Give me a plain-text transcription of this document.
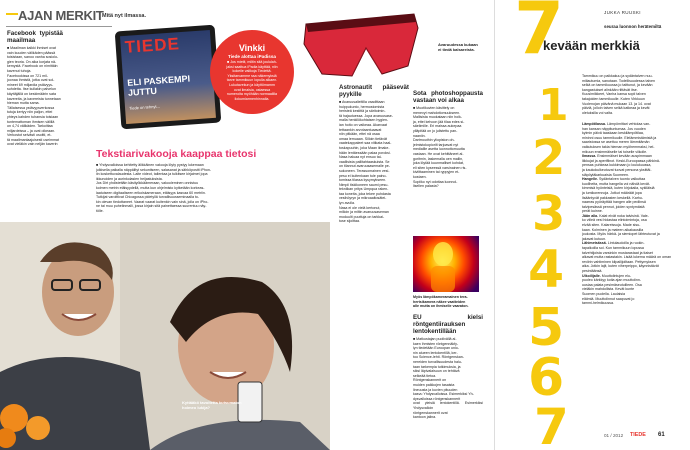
AJAN MERKIT
Mitä nyt ilmassa.
Facebook typistää maailmaa
■ Maailman kaikki ihmiset ovat
vain kuuden välikäden päässä
toisistaan, sanoo vanha sosiolo-
gien teoria. On aika korjata nä-
kemystä. Facebook on nimittäin
kavenut tuhoja.
Facebookissa on 721 mil-
joonaa ihmistä, jotka ovat sol-
mineet 69 miljardia ystävyys-
suhdetta. Itse kullakin palvelun
käyttäjällä on keskimäärin sata
kavereita, ja kavereista tunnetaan
hieman mutta sama.
Tällaisessa ystävyysverkossa
tutuja kertyy niin paljon, ettei
yhteys kahden tuhansia toisiaan
tuntemattoman ihmisen välillä
on 4,74 välikäden. Tarkoittaa
miljardeissa – ja ovat oikeaan.
Verkostot selvästi osoitti, et-
tä maailmanlaajuisesti useimmat
ovat vieläkin vain neljän kaverin
TIEDE
ELI PASKEMPI
JUTTU
Tiede on tehnyt...
Vinkki
Tiede alottaa iPadissa
■ Jos mietit, miltin sitä joululah-
jaksi saattua iPadia käyttää, niin
kokeile valikoja Tiedettä.
Yksitarvamme ssa näkemyksiä
tarve tammikuun lopulla alkaen.
Lukutavekun ja käyttömamm
ovat ilmaisia, ostaessa
numeroita myöhään normaalilla
ilokumiarmenhinnalla.
Avaruudessa kukaan
ei tiedä kalsareista.
Tekstiarivakooja kaappaa tietosi
■ Yhdysvalloissa kehitetty älikkäinen vakooja löyty pystyy lukemaan
julkisella paikalla näppäiltyt sekuntiseen, salasanat ja sähköpostit iPhon-
iin koskettuvalaudesta. Laite videot, tallentaa ja tulkitsee kirjaimet jopa
ikkunoiden ja aurinkolasien heijastuksista.
Jos Dirt yhdistettäin käsityökkäämeraan, vakooleminen onnistuu
kolmen metrin etäisyydellä, mutta kun ohjelmisto kytketään korkeas-
laatuiseen digitaaliseen erikoiskameraan, etäisyys kasvaa 60 metriin.
Tutkijat varoittivat Chicagossa pidetyllä turvallisuusseminaalla to-
kin olevan tiedottaneet. Vaarat vaarat kuitenkin vain sinä, jolla on iPho-
ne tai muu puhelinmalli, jossa kirjain sitä painettaessa suurentuu näy-
tölle.
Kyttääkö tavoitetta kutsumaton
hoimeo lukija?
Astronautit pääsevät pyykille
■ Avaruusalieitilla vaadittaan
huippukunto, hermostomista
heristeä kestittä ja säritoimin-
tä hajautuessa. Jopa avaruusase-
malla henkilökohtaisen hygien-
ian hoito on vaikeaa. Akarvaat
tettaankin arvotaantuaavat
niin pitkään, ettei nä osaa
omaa lemuaan. Silloin tietävät
vaatekappaleet saa vitikata haal-
toskapuuhin, joka Maan ilmake-
hään lentäessään palaa poroksi.
Nasa haluaa nyt ensuo tai-
vaallisista pallitahtaaskuista. Se
on tilannut avaruusasemalle pe-
sukoneen. Terassomainen vesi-
pesu ei kuitenkaan tule paino-
tomissa tilassa kysymykseen.
Nimpii tiskikoneen saumi pesu-
tekniikan yritys Umpqua raken-
taa koneita, joka tekee puhdasta
vesihöyryn ja mikroaaltosätei-
lyn avulla.
Nasa ei ole vielä kertonut,
milloin ja miltin avaruusaseman
moduulit puuttuja on tarkkai-
tuse sijoittaa.
Sota photoshoppausta vastaan voi alkaa
■ Muotikuvien käsittely on
menevyt mahdottomuukseen.
Mallisista muokataan niin hoik-
ja, ettei kehoon jää tilaa edes si-
säelimille. Eri maissa aukepaa
ylläpitää on jo julistettu pan-
naaniin.
Dartmouthin yliopiston oh-
jelmistokopiorilt tarjoavat nyt
mediallle asetta luonnottomuutta
vastaan. He ovat kehittäneet al-
goritmin, laskemalla oen mallin,
joka löytää kuunmalliset kohdat,
eli siten kyseessä varsinainen ris-
kiviittaaminen tai ryppyjen et-
kostaen.
Sopiiko nyt odottaa luonnol-
lisellen palasta?
Myös lämpökameramainen tera-
hertsikamera näkee vaatteiden
alle mutta on ihmiselle vaaraton.
EU kielsi röntgentiirauksen lentokentillään
■ Matkustajan puolivällä al-
kaen ihmisten röntgennäkfy-
lyn tiedetään Euroopan unio-
nin alueen lentokentillä, ker-
too Science-lehti. Röntgenskan-
nereiden turvallisuudesta halu-
taan tarkempia tutkimuksia, ja
siksi läpivalaisuun on tehtävä
selkeää tietoa.
Röntgenskannerit on
muiden paikkojen tasaista
lineuusta ja kuvien pituuden
kasvu Yhdysvalloissa. Esimerkiksi Yh-
dysvalloissa röntgenskannerit
ovat yleisiä lentokentillä. Esimerkiksi Yhdysvalloin
röntgenskannerit ovat
kantoon jalina.
7
1
2
3
4
5
6
7
JUKKA RUUSKI
seuraa luonnon herätemiltä
kevään merkkiä
Tammikuu on paikkakuu ja sydäntalven nuu-
miilautumia, sanotaan. Todellisuudessa talven
selkä on tammikuussa jo taittunut, ja kevään
kangastukset alinkään riittävät itse.
Kuusimiikkeet, Vanha kansa sopii talven
takajoiden tammikuulle. Kuten Virkkuun
Vuolenojan päivänä mukaan 13. ja 14. ovat
päiviä, jolloin talven selkä katkeaa ja kevät
oletuksilla voi valta.
Lämpötilassa. Lämpömittari vehtolaa van-
han kansan näppituntumaa. Jos vuoden
kylmin päivä taaskaan keskilämpötilaa,
mininni osuu tammikuulle. Elelämmistämistä ja
saaristossa se asettuu meren lämmitämän
vaikutuksen takia hieman myöhemmaksi, hel-
mikuun ensimmäiselle tai toiselle viikolle.
Ilmassa. Ensimmäiset kevään auspimmaan
liikkujat ja aperiflinot. Keski-Euroopassa pähkinä-
pensas puhkeaa kukkimaan jo loulukuussa,
ja kaukokulkeutuvat tuovat persona yksittäi-
siäpöytäkarkuaisia Suomeen.
Hangelle. Sydäntalven tuonto valkuttaa
kuollheita, mutta hangella voi nähdä kevät-
kimmisä hyönteisiä, kuten kirjokaiia, sykliäisiä
ja lumikorennoja. Jotkut määräät jopa
lisääntyvät pakkasten keskellä. Karhu-
naarras pyöräyttää hangen alle pediinsä
talvipesässä pennut, joiden syntymästä
perät kuinne.
Jään alla. Kalat elvät noka talvisinä. Vale-
ko viileä vesi hidastaa elintoimintoja, osa
elvää siten. Kalareissuja. Made sisu-
kaan. Kolminen ja mateen aikakausilla
joukosta. Myös härkä- ja siemiopet lähteutuvat ja
jakavat kutuun.
Lähimetsässä. Lintulaudoilla ja ruokin-
tapaikoilla soi. Kun tammikuun lopussa
talvehtijoista varsinkin mustarastaat ja tiaiset
alkavat mutta rastastakin. Lisää lukema määrä on oman
reviirin vahtiminen kilpailijoiltaan. Pettymyksen
aika. Jotkin lajit, kuten viherpeippo, käynnistävät
pesintäänsä.
Ulkoilijalle. Muuttolintujen elu-
puoleo kärkkyy kotia ajan muuttolinn-
uusiaa palata pesimäseutuilleen. Osa
vieläkin mahdollista. Kevät kunte
Suomen puolella. Laulaisia
eläimiä. Muuttolinnut saapuvat jo
tammi-helmikuussa.
01 / 2012 TIEDE 61
